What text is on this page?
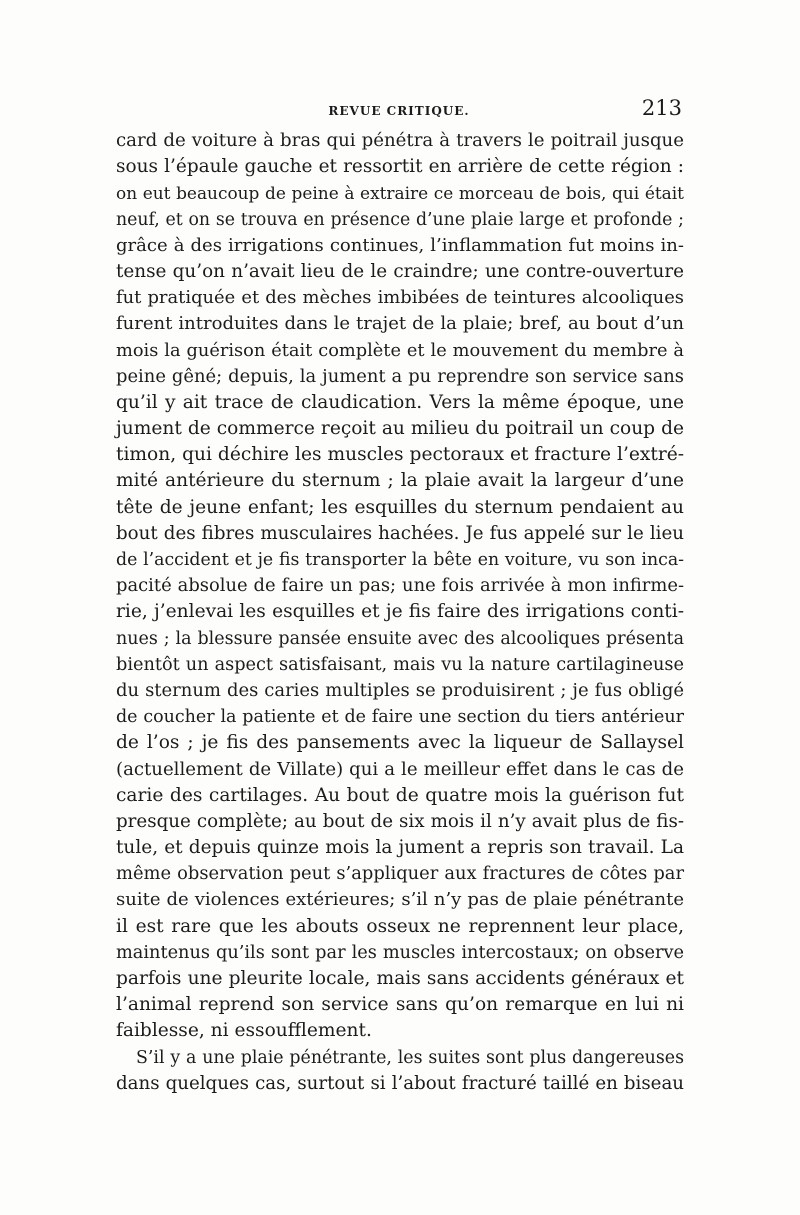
REVUE CRITIQUE.	213
card de voiture à bras qui pénétra à travers le poitrail jusque
sous l’épaule gauche et ressortit en arrière de cette région :
on eut beaucoup de peine à extraire ce morceau de bois, qui était
neuf, et on se trouva en présence d’une plaie large et profonde ;
grâce à des irrigations continues, l’inflammation fut moins in-
tense qu’on n’avait lieu de le craindre; une contre-ouverture
fut pratiquée et des mèches imbibées de teintures alcooliques
furent introduites dans le trajet de la plaie; bref, au bout d’un
mois la guérison était complète et le mouvement du membre à
peine gêné; depuis, la jument a pu reprendre son service sans
qu’il y ait trace de claudication. Vers la même époque, une
jument de commerce reçoit au milieu du poitrail un coup de
timon, qui déchire les muscles pectoraux et fracture l’extré-
mité antérieure du sternum ; la plaie avait la largeur d’une
tête de jeune enfant; les esquilles du sternum pendaient au
bout des fibres musculaires hachées. Je fus appelé sur le lieu
de l’accident et je fis transporter la bête en voiture, vu son inca-
pacité absolue de faire un pas; une fois arrivée à mon infirme-
rie, j’enlevai les esquilles et je fis faire des irrigations conti-
nues ; la blessure pansée ensuite avec des alcooliques présenta
bientôt un aspect satisfaisant, mais vu la nature cartilagineuse
du sternum des caries multiples se produisirent ; je fus obligé
de coucher la patiente et de faire une section du tiers antérieur
de l’os ; je fis des pansements avec la liqueur de Sallaysel
(actuellement de Villate) qui a le meilleur effet dans le cas de
carie des cartilages. Au bout de quatre mois la guérison fut
presque complète; au bout de six mois il n’y avait plus de fis-
tule, et depuis quinze mois la jument a repris son travail. La
même observation peut s’appliquer aux fractures de côtes par
suite de violences extérieures; s’il n’y pas de plaie pénétrante
il est rare que les abouts osseux ne reprennent leur place,
maintenus qu’ils sont par les muscles intercostaux; on observe
parfois une pleurite locale, mais sans accidents généraux et
l’animal reprend son service sans qu’on remarque en lui ni
faiblesse, ni essoufflement.
S’il y a une plaie pénétrante, les suites sont plus dangereuses
dans quelques cas, surtout si l’about fracturé taillé en biseau
